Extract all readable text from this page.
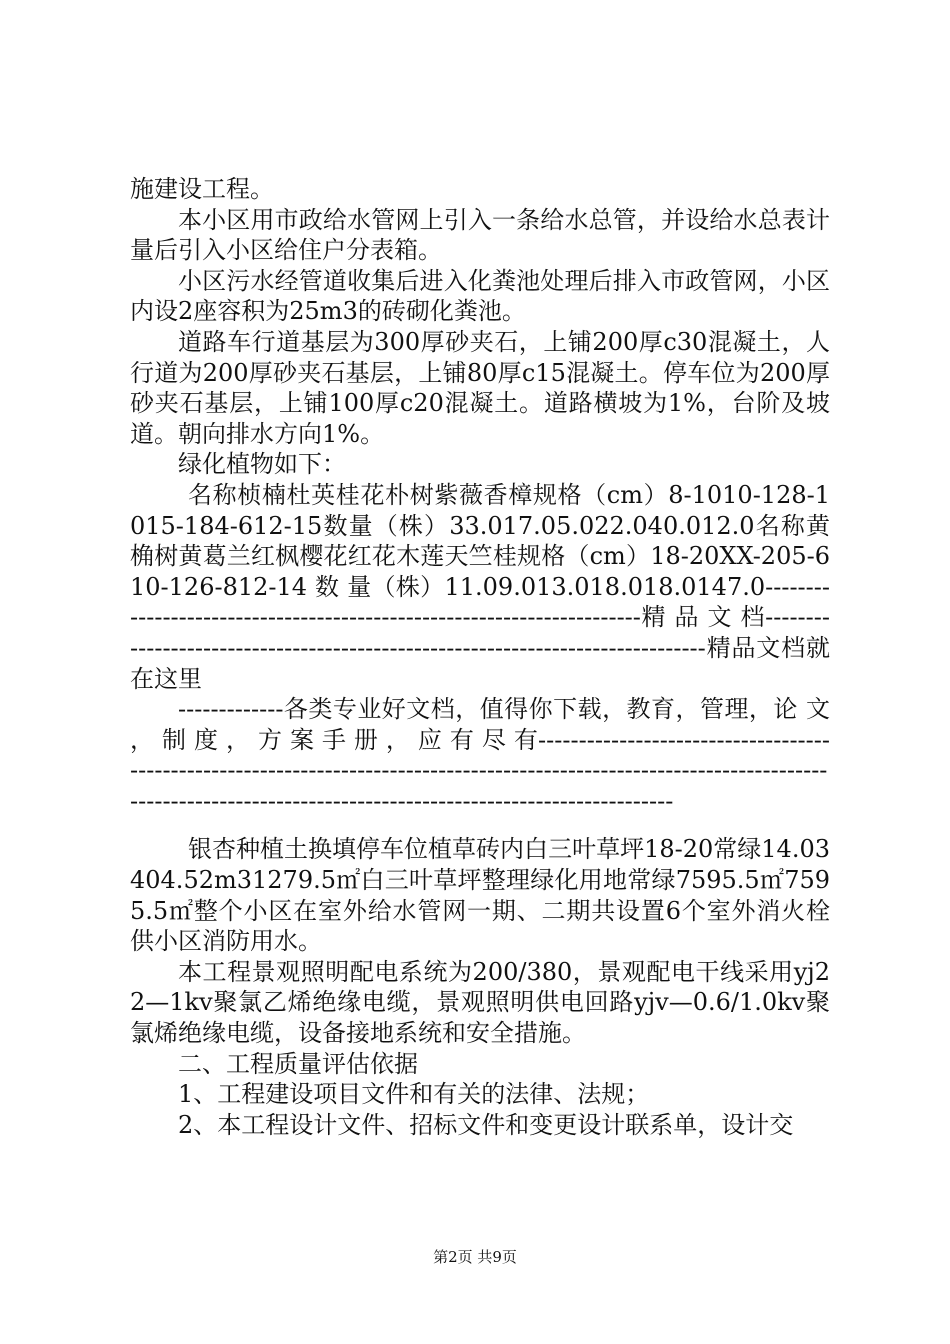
施建设工程。

本小区用市政给水管网上引入一条给水总管，并设给水总表计量后引入小区给住户分表箱。

小区污水经管道收集后进入化粪池处理后排入市政管网，小区内设2座容积为25m3的砖砌化粪池。

道路车行道基层为300厚砂夹石，上铺200厚c30混凝土，人行道为200厚砂夹石基层，上铺80厚c15混凝土。停车位为200厚砂夹石基层，上铺100厚c20混凝土。道路横坡为1%，台阶及坡道。朝向排水方向1%。

绿化植物如下：

名称桢楠杜英桂花朴树紫薇香樟规格（cm）8-1010-128-1015-184-612-15数量（株）33.017.05.022.040.012.0名称黄桷树黄葛兰红枫樱花红花木莲天竺桂规格（cm）18-20XX-205-610-126-812-14 数 量（株）11.09.013.018.018.0147.0-----------------------------------------------------------------------精 品 文 档-------------------------------------------------------------------------------精品文档就在这里

-------------各类专业好文档，值得你下载，教育，管理，论 文 ， 制 度 ， 方 案 手 册 ， 应 有 尽 有---------------------------------------------------------------------------------------------------------------------------------------------------------------------------------------------

银杏种植土换填停车位植草砖内白三叶草坪18-20常绿14.03404.52m31279.5㎡白三叶草坪整理绿化用地常绿7595.5㎡7595.5㎡整个小区在室外给水管网一期、二期共设置6个室外消火栓供小区消防用水。

本工程景观照明配电系统为200/380，景观配电干线采用yj22—1kv聚氯乙烯绝缘电缆，景观照明供电回路yjv—0.6/1.0kv聚氯烯绝缘电缆，设备接地系统和安全措施。

二、工程质量评估依据

1、工程建设项目文件和有关的法律、法规；

2、本工程设计文件、招标文件和变更设计联系单，设计交

第2页 共9页
